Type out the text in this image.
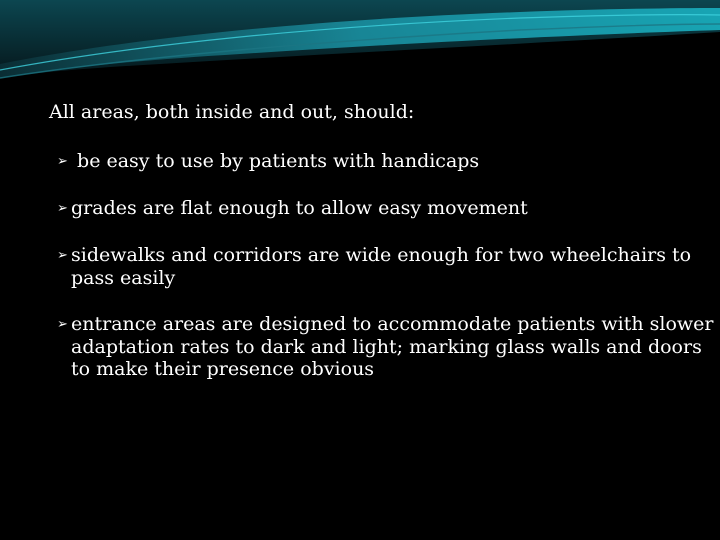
All areas, both inside and out, should:

➢ be easy to use by patients with handicaps
➢ grades are flat enough to allow easy movement
➢ sidewalks and corridors are wide enough for two wheelchairs to pass easily
➢ entrance areas are designed to accommodate patients with slower adaptation rates to dark and light; marking glass walls and doors to make their presence obvious
